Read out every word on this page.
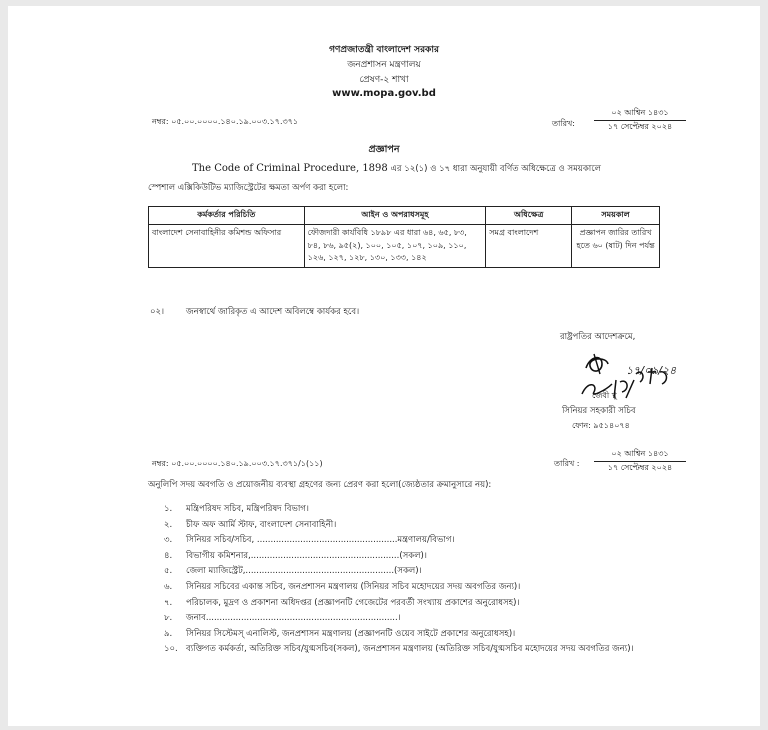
গণপ্রজাতন্ত্রী বাংলাদেশ সরকার
জনপ্রশাসন মন্ত্রণালয়
প্রেষণ-২ শাখা
www.mopa.gov.bd
নম্বর: ০৫.০০.০০০০.১৪০.১৯.০০৩.১৭.৩৭১	তারিখ:
০২ আশ্বিন ১৪৩১
১৭ সেপ্টেম্বর ২০২৪
প্রজ্ঞাপন
The Code of Criminal Procedure, 1898 এর ১২(১) ও ১৭ ধারা অনুযায়ী বর্ণিত অধিক্ষেত্রে ও সময়কালে
স্পেশাল এক্সিকিউটিভ ম্যাজিস্ট্রেটের ক্ষমতা অর্পণ করা হলো:
কর্মকর্তার পরিচিতি	আইন ও অপরাধসমূহ	অধিক্ষেত্র	সময়কাল
বাংলাদেশ সেনাবাহিনীর কমিশন্ড অফিসার	ফৌজদারী কার্যবিধি ১৮৯৮ এর ধারা ৬৪, ৬৫, ৮৩, ৮৪, ৮৬, ৯৫(২), ১০০, ১০৫, ১০৭, ১০৯, ১১০, ১২৬, ১২৭, ১২৮, ১৩০, ১৩৩, ১৪২	সমগ্র বাংলাদেশ	প্রজ্ঞাপন জারির তারিখ হতে ৬০ (ষাট) দিন পর্যন্ত
০২।	জনস্বার্থে জারিকৃত এ আদেশ অবিলম্বে কার্যকর হবে।
রাষ্ট্রপতির আদেশক্রমে,
১৭/০৯/২৪
জেবী খু
সিনিয়র সহকারী সচিব
ফোন: ৯৫১৪০৭৪
নম্বর: ০৫.০০.০০০০.১৪০.১৯.০০৩.১৭.৩৭১/১(১১)	তারিখ :
০২ আশ্বিন ১৪৩১
১৭ সেপ্টেম্বর ২০২৪
অনুলিপি সদয় অবগতি ও প্রয়োজনীয় ব্যবস্থা গ্রহণের জন্য প্রেরণ করা হলো(জ্যেষ্ঠতার ক্রমানুসারে নয়):
১.	মন্ত্রিপরিষদ সচিব, মন্ত্রিপরিষদ বিভাগ।
২.	চীফ অফ আর্মি স্টাফ, বাংলাদেশ সেনাবাহিনী।
৩.	সিনিয়র সচিব/সচিব, ....................................................মন্ত্রণালয়/বিভাগ।
৪.	বিভাগীয় কমিশনার,.......................................................(সকল)।
৫.	জেলা ম্যাজিস্ট্রেট,.......................................................(সকল)।
৬.	সিনিয়র সচিবের একান্ত সচিব, জনপ্রশাসন মন্ত্রণালয় (সিনিয়র সচিব মহোদয়ের সদয় অবগতির জন্য)।
৭.	পরিচালক, মুদ্রণ ও প্রকাশনা অধিদপ্তর (প্রজ্ঞাপনটি গেজেটের পরবর্তী সংখ্যায় প্রকাশের অনুরোধসহ)।
৮.	জনাব.......................................................................।
৯.	সিনিয়র সিস্টেমস্ এনালিস্ট, জনপ্রশাসন মন্ত্রণালয় (প্রজ্ঞাপনটি ওয়েব সাইটে প্রকাশের অনুরোধসহ)।
১০. ব্যক্তিগত কর্মকর্তা, অতিরিক্ত সচিব/যুগ্মসচিব(সকল), জনপ্রশাসন মন্ত্রণালয় (অতিরিক্ত সচিব/যুগ্মসচিব মহোদয়ের সদয় অবগতির জন্য)।
